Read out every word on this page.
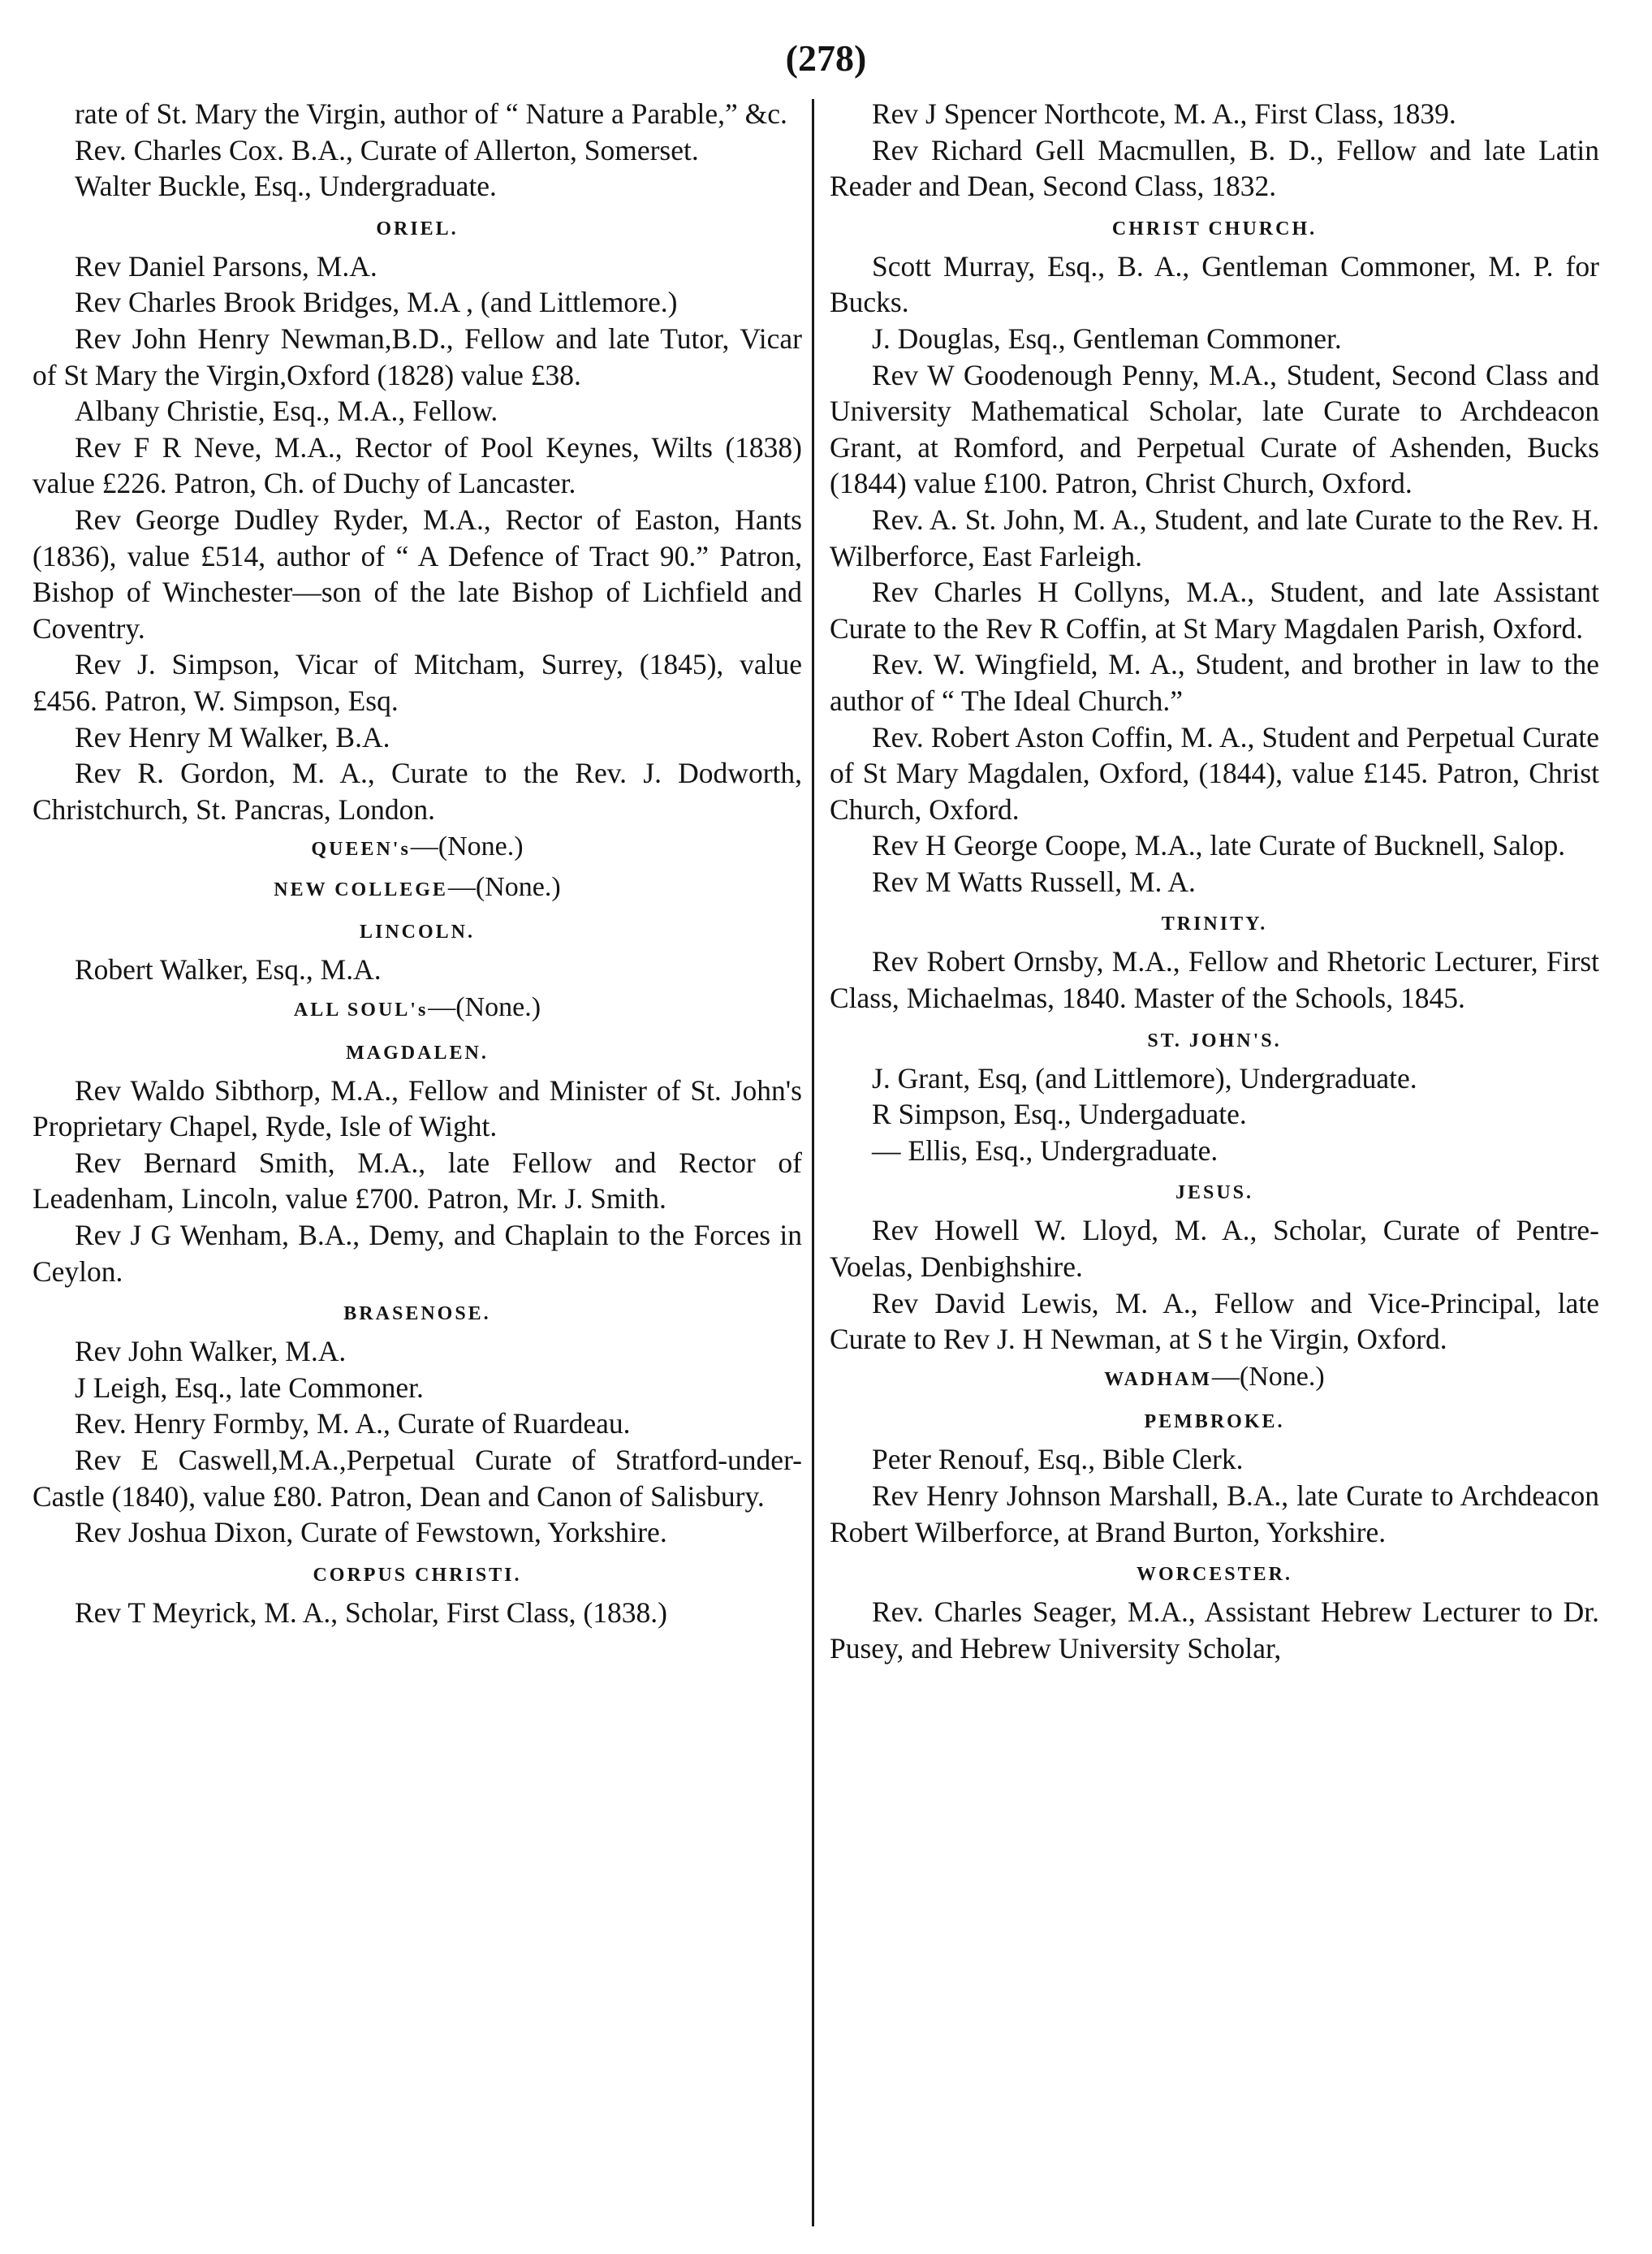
(278)

rate of St. Mary the Virgin, author of “ Nature a Parable,” &c.

Rev. Charles Cox. B.A., Curate of Allerton, Somerset.

Walter Buckle, Esq., Undergraduate.

ORIEL.

Rev Daniel Parsons, M.A.

Rev Charles Brook Bridges, M.A , (and Littlemore.)

Rev John Henry Newman,B.D., Fellow and late Tutor, Vicar of St Mary the Virgin,Oxford (1828) value £38.

Albany Christie, Esq., M.A., Fellow.

Rev F R Neve, M.A., Rector of Pool Keynes, Wilts (1838) value £226. Patron, Ch. of Duchy of Lancaster.

Rev George Dudley Ryder, M.A., Rector of Easton, Hants (1836), value £514, author of “ A Defence of Tract 90.” Patron, Bishop of Winchester—son of the late Bishop of Lichfield and Coventry.

Rev J. Simpson, Vicar of Mitcham, Surrey, (1845), value £456. Patron, W. Simpson, Esq.

Rev Henry M Walker, B.A.

Rev R. Gordon, M. A., Curate to the Rev. J. Dodworth, Christchurch, St. Pancras, London.

QUEEN's—(None.)
NEW COLLEGE—(None.)
LINCOLN.

Robert Walker, Esq., M.A.

ALL SOUL's—(None.)
MAGDALEN.

Rev Waldo Sibthorp, M.A., Fellow and Minister of St. John's Proprietary Chapel, Ryde, Isle of Wight.

Rev Bernard Smith, M.A., late Fellow and Rector of Leadenham, Lincoln, value £700. Patron, Mr. J. Smith.

Rev J G Wenham, B.A., Demy, and Chaplain to the Forces in Ceylon.

BRASENOSE.

Rev John Walker, M.A.

J Leigh, Esq., late Commoner.

Rev. Henry Formby, M. A., Curate of Ruardeau.

Rev E Caswell,M.A.,Perpetual Curate of Stratford-under-Castle (1840), value £80. Patron, Dean and Canon of Salisbury.

Rev Joshua Dixon, Curate of Fewstown, Yorkshire.

CORPUS CHRISTI.

Rev T Meyrick, M. A., Scholar, First Class, (1838.)

Rev J Spencer Northcote, M. A., First Class, 1839.

Rev Richard Gell Macmullen, B. D., Fellow and late Latin Reader and Dean, Second Class, 1832.

CHRIST CHURCH.

Scott Murray, Esq., B. A., Gentleman Commoner, M. P. for Bucks.

J. Douglas, Esq., Gentleman Commoner.

Rev W Goodenough Penny, M.A., Student, Second Class and University Mathematical Scholar, late Curate to Archdeacon Grant, at Romford, and Perpetual Curate of Ashenden, Bucks (1844) value £100. Patron, Christ Church, Oxford.

Rev. A. St. John, M. A., Student, and late Curate to the Rev. H. Wilberforce, East Farleigh.

Rev Charles H Collyns, M.A., Student, and late Assistant Curate to the Rev R Coffin, at St Mary Magdalen Parish, Oxford.

Rev. W. Wingfield, M. A., Student, and brother in law to the author of “ The Ideal Church.”

Rev. Robert Aston Coffin, M. A., Student and Perpetual Curate of St Mary Magdalen, Oxford, (1844), value £145. Patron, Christ Church, Oxford.

Rev H George Coope, M.A., late Curate of Bucknell, Salop.

Rev M Watts Russell, M. A.

TRINITY.

Rev Robert Ornsby, M.A., Fellow and Rhetoric Lecturer, First Class, Michaelmas, 1840. Master of the Schools, 1845.

ST. JOHN'S.

J. Grant, Esq, (and Littlemore), Undergraduate.

R Simpson, Esq., Undergaduate.

— Ellis, Esq., Undergraduate.

JESUS.

Rev Howell W. Lloyd, M. A., Scholar, Curate of Pentre-Voelas, Denbighshire.

Rev David Lewis, M. A., Fellow and Vice-Principal, late Curate to Rev J. H Newman, at S t he Virgin, Oxford.

WADHAM—(None.)
PEMBROKE.

Peter Renouf, Esq., Bible Clerk.

Rev Henry Johnson Marshall, B.A., late Curate to Archdeacon Robert Wilberforce, at Brand Burton, Yorkshire.

WORCESTER.

Rev. Charles Seager, M.A., Assistant Hebrew Lecturer to Dr. Pusey, and Hebrew University Scholar,
